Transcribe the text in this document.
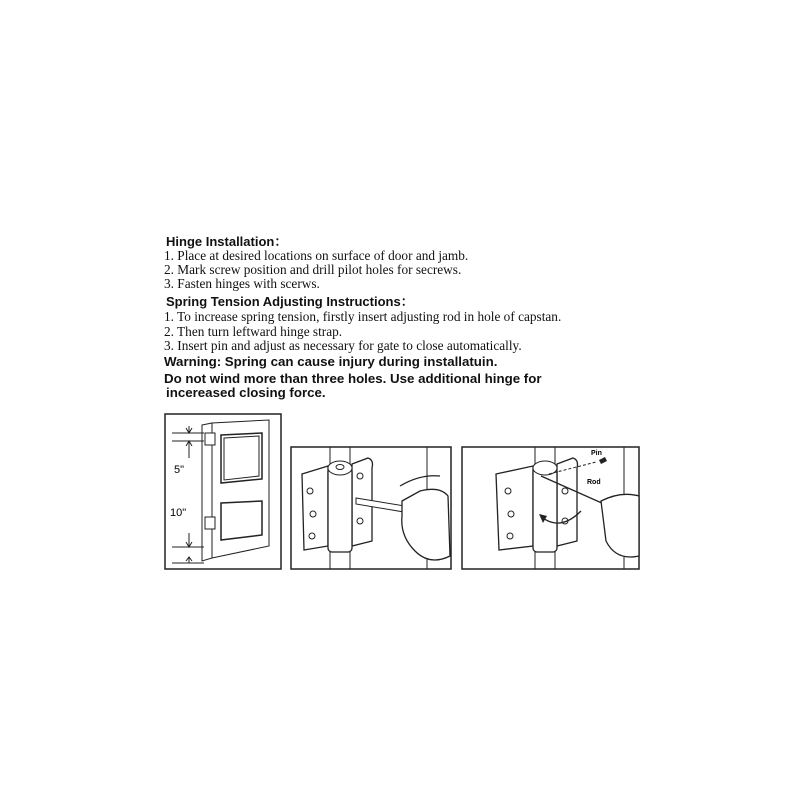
Hinge Installation：
1. Place at desired locations on surface of door and jamb.
2. Mark screw position and drill pilot holes for secrews.
3. Fasten hinges with scerws.
Spring Tension Adjusting Instructions：
1. To increase spring tension, firstly insert adjusting rod in hole of capstan.
2. Then turn leftward hinge strap.
3. Insert pin and adjust as necessary for gate to close automatically.
Warning: Spring can cause injury during installatuin.
Do not wind more than three holes. Use additional hinge for
incereased closing force.
5"
10"
Pin
Rod
